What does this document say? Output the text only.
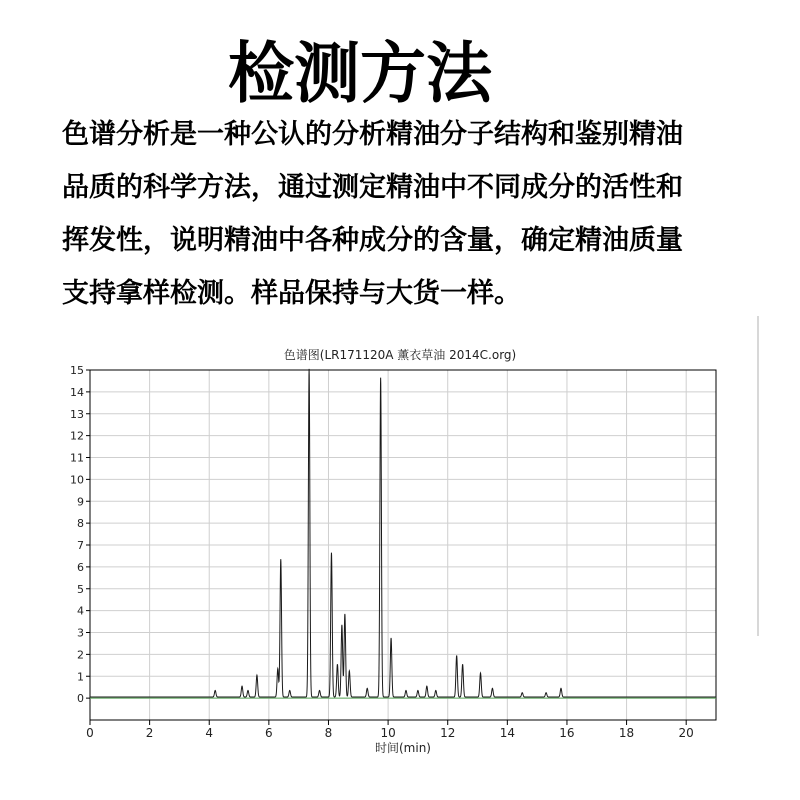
检测方法

色谱分析是一种公认的分析精油分子结构和鉴别精油

品质的科学方法，通过测定精油中不同成分的活性和

挥发性，说明精油中各种成分的含量，确定精油质量

支持拿样检测。样品保持与大货一样。

色谱图(LR171120A 薰衣草油 2014C.org)
0	2	4	6	8	10	12	14	16	18	20
0
1
2
3
4
5
6
7
8
9
10
11
12
13
14
15
时间(min)
